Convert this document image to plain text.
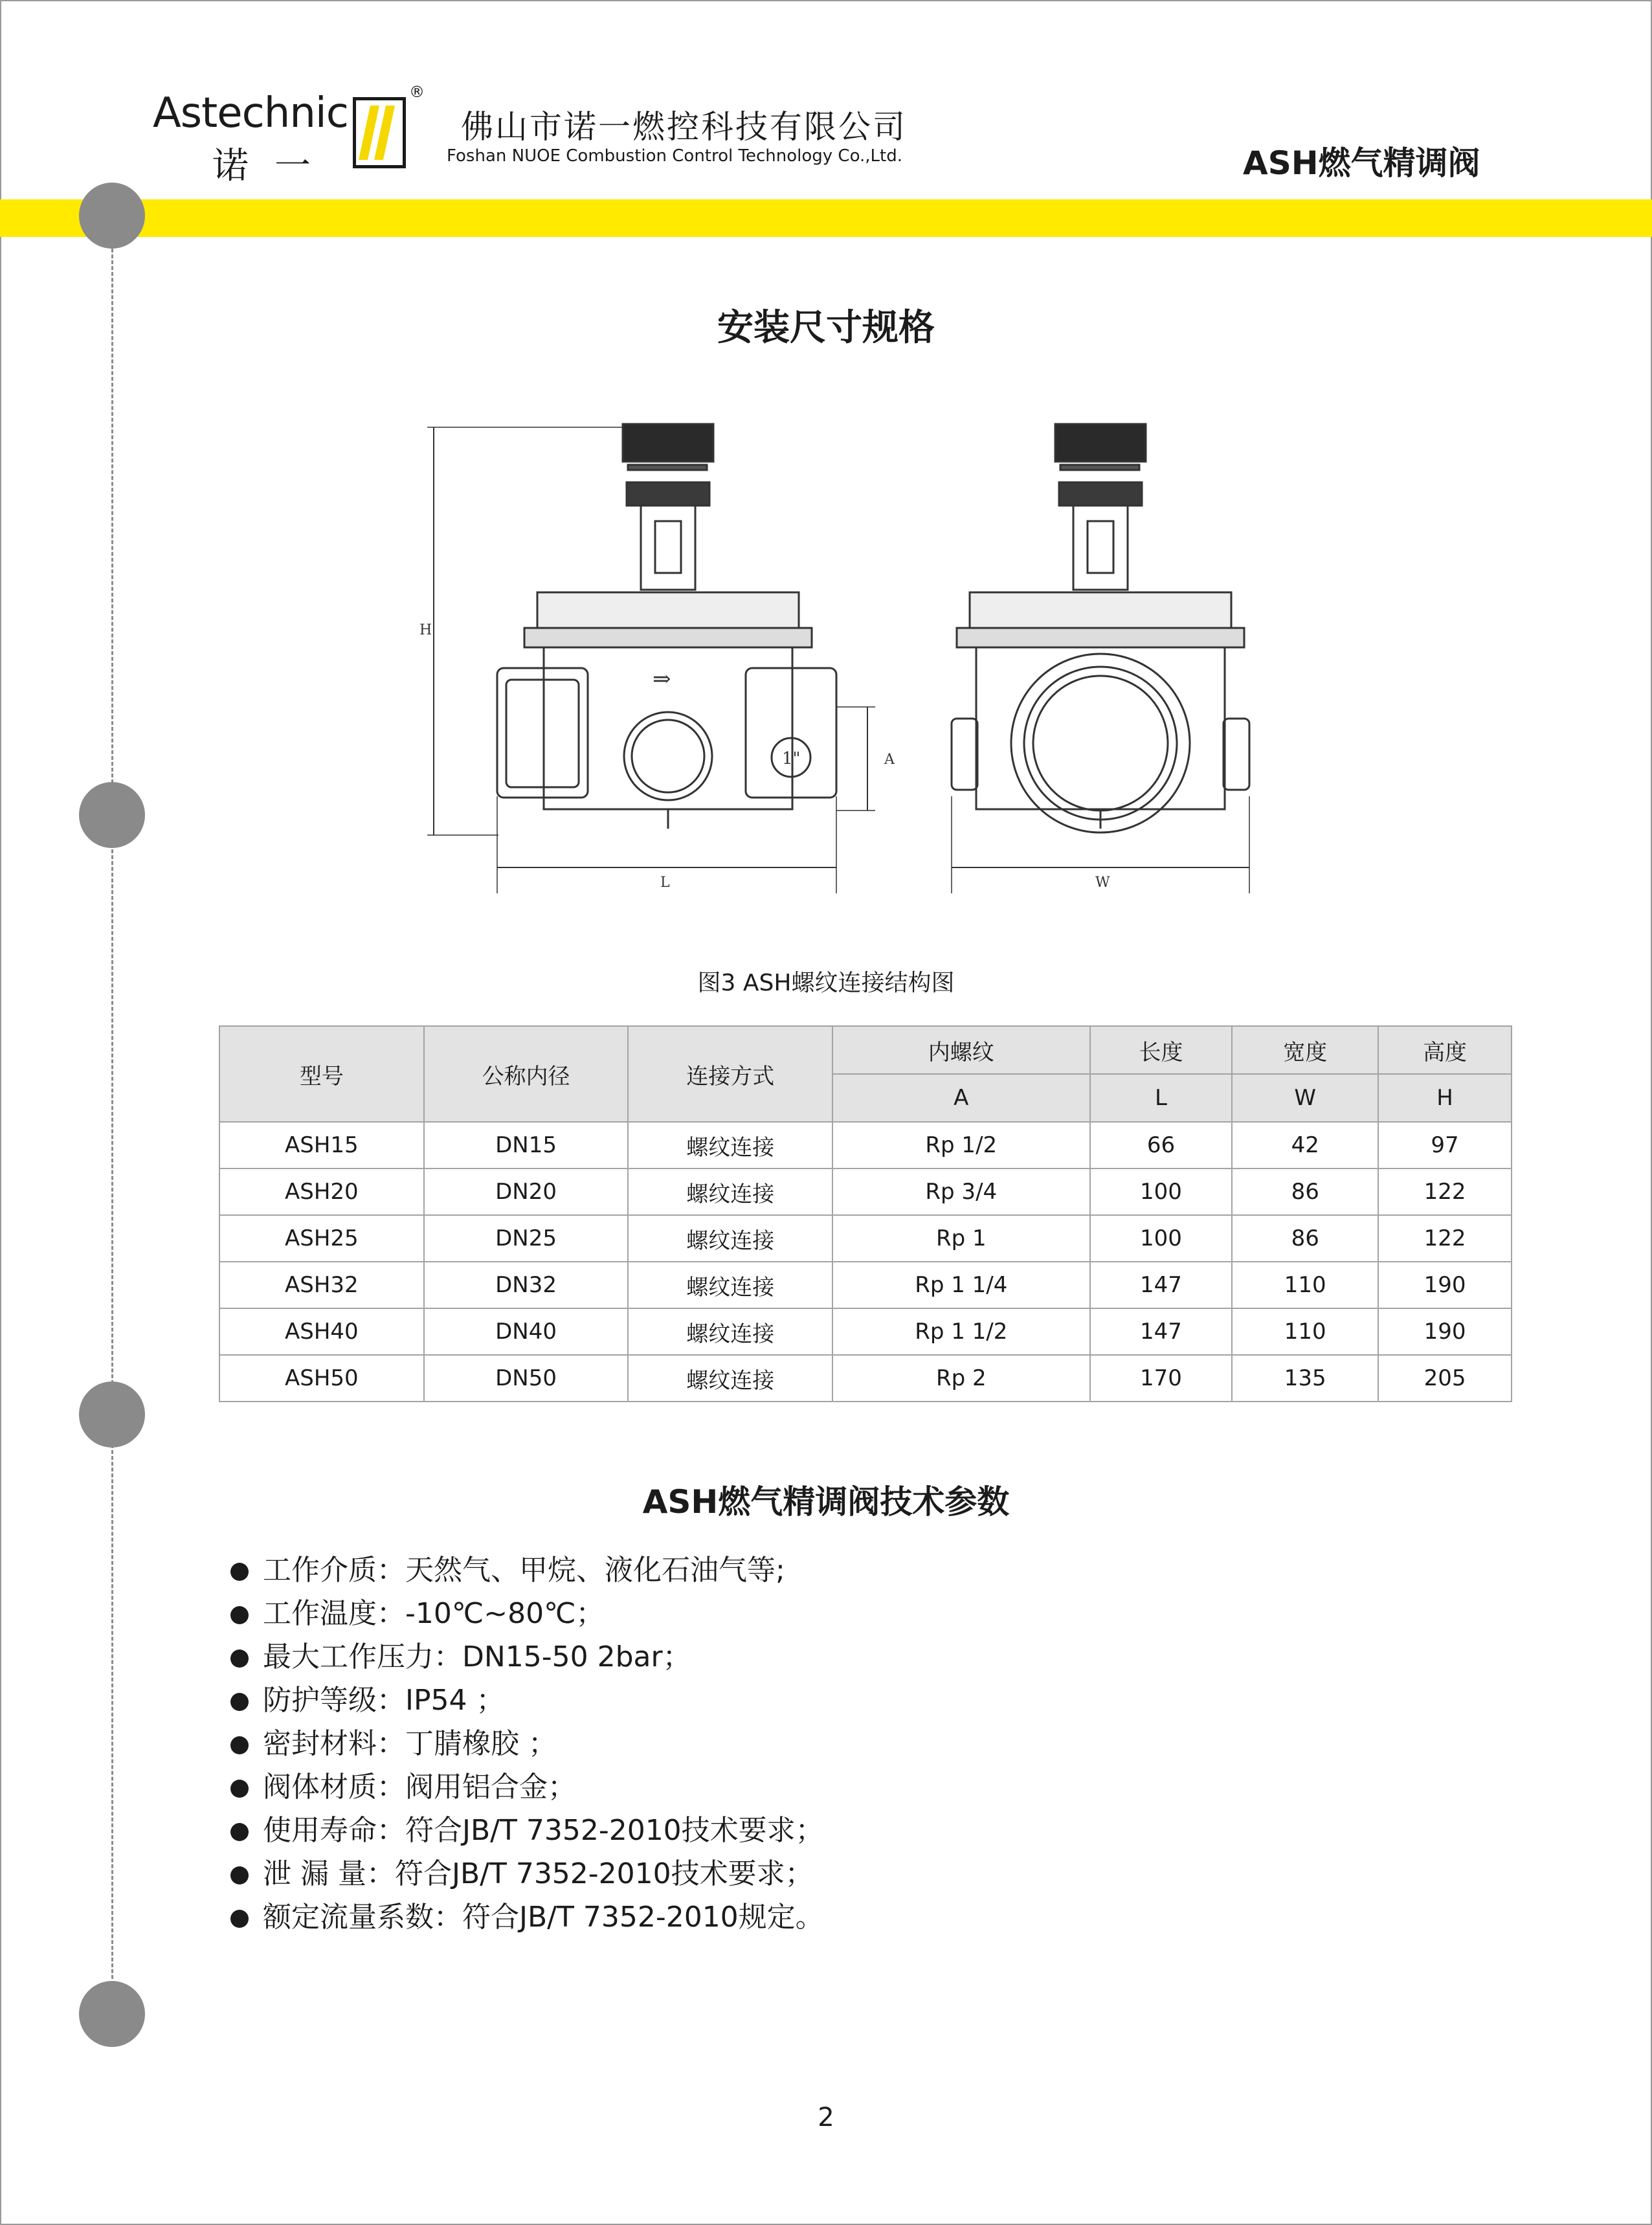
Astechnic
诺一
®
佛山市诺一燃控科技有限公司
Foshan NUOE Combustion Control Technology Co.,Ltd.	ASH燃气精调阀
安装尺寸规格
H
A
L	W
1"
⇒
图3 ASH螺纹连接结构图
型号	公称内径	连接方式	内螺纹	长度	宽度	高度
			A	L	W	H
ASH15	DN15	螺纹连接	Rp 1/2	66	42	97
ASH20	DN20	螺纹连接	Rp 3/4	100	86	122
ASH25	DN25	螺纹连接	Rp 1	100	86	122
ASH32	DN32	螺纹连接	Rp 1 1/4	147	110	190
ASH40	DN40	螺纹连接	Rp 1 1/2	147	110	190
ASH50	DN50	螺纹连接	Rp 2	170	135	205
ASH燃气精调阀技术参数
工作介质：天然气、甲烷、液化石油气等;
工作温度：-10℃~80℃；
最大工作压力：DN15-50 2bar；
防护等级：IP54 ；
密封材料：丁腈橡胶 ；
阀体材质：阀用铝合金；
使用寿命：符合JB/T 7352-2010技术要求；
泄 漏 量：符合JB/T 7352-2010技术要求；
额定流量系数：符合JB/T 7352-2010规定。
2
